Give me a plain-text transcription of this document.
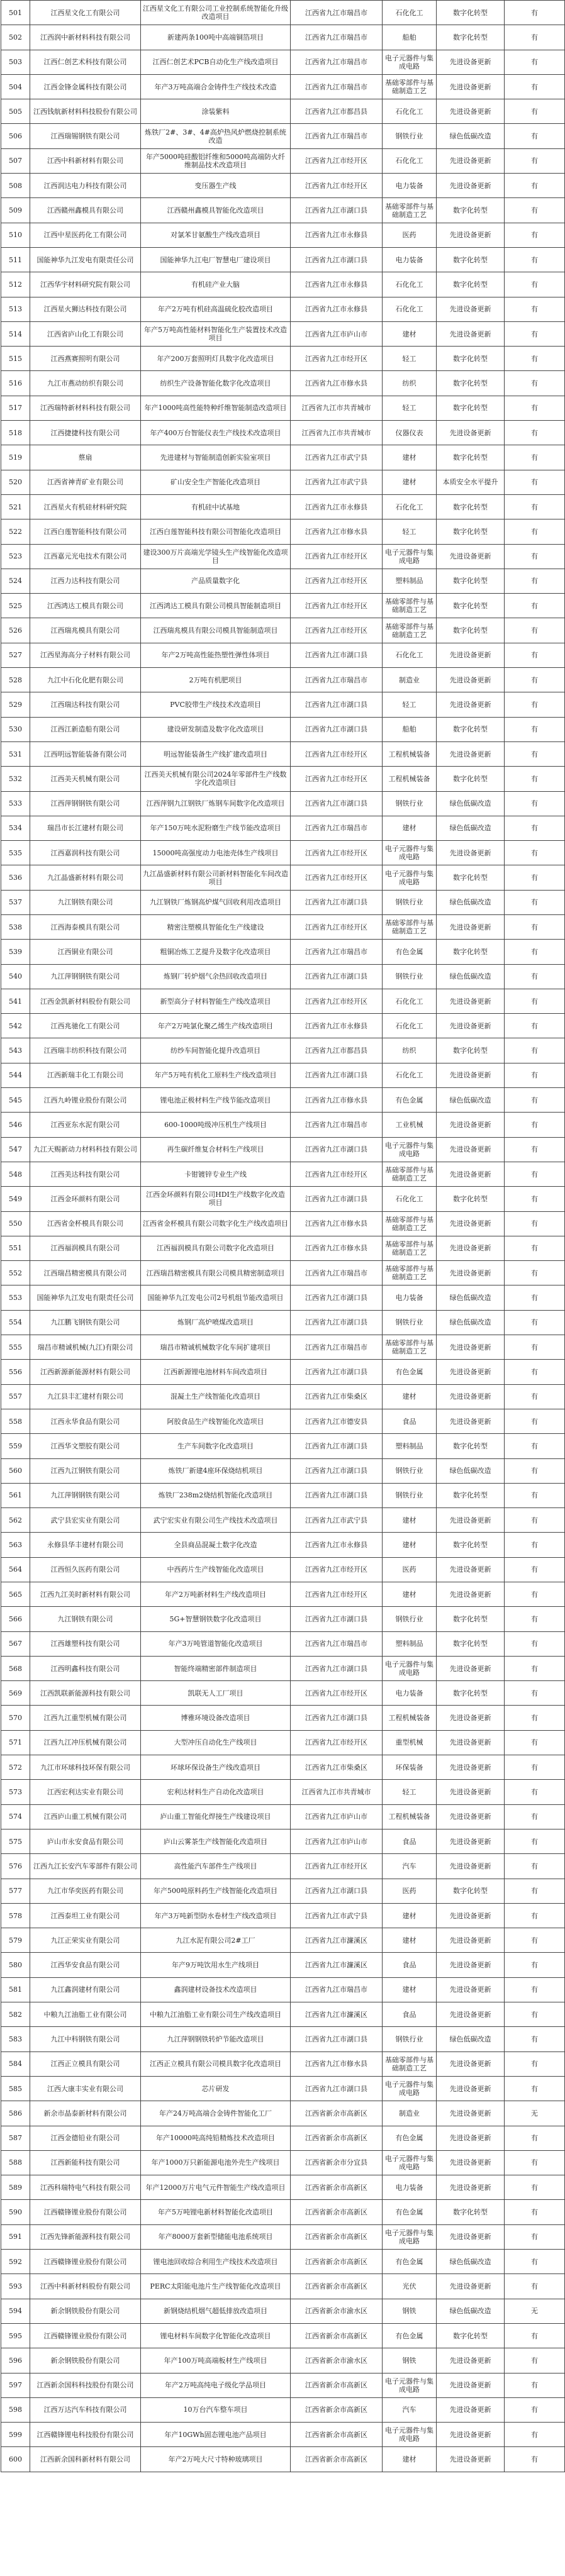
501	江西星文化工有限公司	江西星文化工有限公司工业控制系统智能化升级改造项目	江西省九江市瑞昌市	石化化工	数字化转型	有
502	江西润中新材料科技有限公司	新建两条100吨中高端铜箔项目	江西省九江市瑞昌市	船舶	数字化转型	有
503	江西仁创艺术科技有限公司	江西仁创艺术PCB自动化生产线改造项目	江西省九江市瑞昌市	电子元器件与集成电路	先进设备更新	有
504	江西金锋金属科技有限公司	年产3万吨高端合金铸件生产线技术改造	江西省九江市瑞昌市	基础零部件与基础制造工艺	先进设备更新	有
505	江西钱航新材料科技股份有限公司	涂装紫料	江西省九江市都昌县	石化化工	先进设备更新	有
506	江西瑞锡钢铁有限公司	炼铁厂2#、3#、4#高炉热风炉燃烧控制系统改造	江西省九江市瑞昌市	钢铁行业	绿色低碳改造	有
507	江西中科新材料有限公司	年产5000吨硅酸铝纤维和5000吨高端防火纤维制品技术改造项目	江西省九江市经开区	石化化工	先进设备更新	有
508	江西润达电力科技有限公司	变压器生产线	江西省九江市经开区	电力装备	先进设备更新	有
509	江西赣州鑫模具有限公司	江西赣州鑫模具智能化改造项目	江西省九江市湖口县	基础零部件与基础制造工艺	数字化转型	有
510	江西中星医药化工有限公司	对氯苯甘氨酸生产线改造项目	江西省九江市永修县	医药	先进设备更新	有
511	国能神华九江发电有限责任公司	国能神华九江电厂智慧电厂建设项目	江西省九江市湖口县	电力装备	数字化转型	有
512	江西华宇材料研究院有限公司	有机硅产业大脑	江西省九江市永修县	石化化工	数字化转型	有
513	江西星火狮达科技有限公司	年产2万吨有机硅高温硫化胶改造项目	江西省九江市永修县	石化化工	先进设备更新	有
514	江西省庐山化工有限公司	年产5万吨高性能材料智能化生产装置技术改造项目	江西省九江市庐山市	建材	先进设备更新	有
515	江西燕赛照明有限公司	年产200万套照明灯具数字化改造项目	江西省九江市经开区	轻工	数字化转型	有
516	九江市燕动纺织有限公司	纺织生产设备智能化数字化改造项目	江西省九江市修水县	纺织	数字化转型	有
517	江西瑞特新材料科技有限公司	年产1000吨高性能特种纤维智能制造改造项目	江西省九江市共青城市	轻工	数字化转型	有
518	江西捷捷科技有限公司	年产400万台智能仪表生产线技术改造项目	江西省九江市共青城市	仪器仪表	先进设备更新	有
519	蔡扇	先进建材与智能制造创新实验室项目	江西省九江市武宁县	建材	数字化转型	有
520	江西省神青矿业有限公司	矿山安全生产智能化改造项目	江西省九江市武宁县	建材	本质安全水平提升	有
521	江西星火有机硅材料研究院	有机硅中试基地	江西省九江市永修县	石化化工	数字化转型	有
522	江西白莲智能科技有限公司	江西白莲智能科技有限公司智能化改造项目	江西省九江市修水县	轻工	数字化转型	有
523	江西嘉元光电技术有限公司	建设300万片高端光学镜头生产线智能化改造项目	江西省九江市经开区	电子元器件与集成电路	先进设备更新	有
524	江西力达科技有限公司	产品质量数字化	江西省九江市经开区	塑料制品	数字化转型	有
525	江西鸿达工模具有限公司	江西鸿达工模具有限公司模具智能制造项目	江西省九江市经开区	基础零部件与基础制造工艺	数字化转型	有
526	江西瑞兆模具有限公司	江西瑞兆模具有限公司模具智能制造项目	江西省九江市经开区	基础零部件与基础制造工艺	数字化转型	有
527	江西星海高分子材料有限公司	年产2万吨高性能热塑性弹性体项目	江西省九江市湖口县	石化化工	先进设备更新	有
528	九江中石化化肥有限公司	2万吨有机肥项目	江西省九江市瑞昌市	制造业	先进设备更新	有
529	江西瑞达科技有限公司	PVC胶带生产线技术改造项目	江西省九江市湖口县	轻工	先进设备更新	有
530	江西江新造船有限公司	建设研发制造及数字化改造项目	江西省九江市湖口县	船舶	数字化转型	有
531	江西明远智能装备有限公司	明远智能装备生产线扩建改造项目	江西省九江市经开区	工程机械装备	先进设备更新	有
532	江西美天机械有限公司	江西美天机械有限公司2024年零部件生产线数字化改造项目	江西省九江市经开区	工程机械装备	数字化转型	有
533	江西萍钢钢铁有限公司	江西萍钢九江钢铁厂炼钢车间数字化改造项目	江西省九江市湖口县	钢铁行业	绿色低碳改造	有
534	瑞昌市长江建材有限公司	年产150万吨水泥粉磨生产线节能改造项目	江西省九江市瑞昌市	建材	绿色低碳改造	有
535	江西嘉润科技有限公司	15000吨高强度动力电池壳体生产线项目	江西省九江市经开区	电子元器件与集成电路	先进设备更新	有
536	九江晶盛新材料有限公司	九江晶盛新材料有限公司新材料智能化车间改造项目	江西省九江市经开区	电子元器件与集成电路	数字化转型	有
537	九江钢铁有限公司	九江钢铁厂炼钢高炉煤气回收利用改造项目	江西省九江市湖口县	钢铁行业	绿色低碳改造	有
538	江西海泰模具有限公司	精密注塑模具智能化生产线建设	江西省九江市经开区	基础零部件与基础制造工艺	先进设备更新	有
539	江西铜业有限公司	粗铜冶炼工艺提升及数字化改造项目	江西省九江市瑞昌市	有色金属	数字化转型	有
540	九江萍钢钢铁有限公司	炼钢厂转炉烟气余热回收改造项目	江西省九江市湖口县	钢铁行业	绿色低碳改造	有
541	江西金凯新材料股份有限公司	新型高分子材料智能生产线改造项目	江西省九江市经开区	石化化工	先进设备更新	有
542	江西兆驰化工有限公司	年产2万吨氯化聚乙烯生产线改造项目	江西省九江市永修县	石化化工	先进设备更新	有
543	江西瑞丰纺织科技有限公司	纺纱车间智能化提升改造项目	江西省九江市都昌县	纺织	数字化转型	有
544	江西新瑞丰化工有限公司	年产5万吨有机化工原料生产线改造项目	江西省九江市湖口县	石化化工	先进设备更新	有
545	江西九岭锂业股份有限公司	锂电池正极材料生产线节能改造项目	江西省九江市修水县	有色金属	绿色低碳改造	有
546	江西亚东水泥有限公司	600-1000吨级冲压机生产线项目	江西省九江市瑞昌市	工业机械	先进设备更新	有
547	九江天赐新动力材料科技有限公司	再生碳纤维复合材料生产线项目	江西省九江市湖口县	电子元器件与集成电路	先进设备更新	有
548	江西美达科技有限公司	卡钳镀锌专业生产线	江西省九江市经开区	基础零部件与基础制造工艺	先进设备更新	有
549	江西金环颜料有限公司	江西金环颜料有限公司HDI生产线数字化改造项目	江西省九江市湖口县	石化化工	数字化转型	有
550	江西省金杯模具有限公司	江西省金杯模具有限公司数字化生产线改造项目	江西省九江市修水县	基础零部件与基础制造工艺	先进设备更新	有
551	江西福润模具有限公司	江西福润模具有限公司数字化改造项目	江西省九江市修水县	基础零部件与基础制造工艺	先进设备更新	有
552	江西瑞昌精密模具有限公司	江西瑞昌精密模具有限公司模具精密制造项目	江西省九江市瑞昌市	基础零部件与基础制造工艺	先进设备更新	有
553	国能神华九江发电有限责任公司	国能神华九江发电公司2号机组节能改造项目	江西省九江市湖口县	电力装备	绿色低碳改造	有
554	九江鹏飞钢铁有限公司	炼钢厂高炉喷煤改造项目	江西省九江市湖口县	钢铁行业	绿色低碳改造	有
555	瑞昌市精诚机械(九江)有限公司	瑞昌市精诚机械数字化车间扩建项目	江西省九江市瑞昌市	基础零部件与基础制造工艺	先进设备更新	有
556	江西新源新能源材料有限公司	江西新源锂电池材料车间改造项目	江西省九江市湖口县	有色金属	先进设备更新	有
557	九江县丰汇建材有限公司	混凝土生产线智能化改造项目	江西省九江市柴桑区	建材	先进设备更新	有
558	江西永华食品有限公司	阿胶食品生产线智能化改造项目	江西省九江市德安县	食品	先进设备更新	有
559	江西华文塑胶有限公司	生产车间数字化改造项目	江西省九江市湖口县	塑料制品	数字化转型	有
560	江西九江钢铁有限公司	炼铁厂新建4座环保烧结机项目	江西省九江市湖口县	钢铁行业	绿色低碳改造	有
561	九江萍钢钢铁有限公司	炼铁厂238m2烧结机智能化改造项目	江西省九江市湖口县	钢铁行业	数字化转型	有
562	武宁县宏实业有限公司	武宁宏实业有限公司生产线技术改造项目	江西省九江市武宁县	建材	先进设备更新	有
563	永修县华丰建材有限公司	全县商品混凝土数字化改造	江西省九江市永修县	建材	数字化转型	有
564	江西恒久医药有限公司	中西药片生产线智能化改造项目	江西省九江市经开区	医药	先进设备更新	有
565	江西九江美时新材料有限公司	年产2万吨新材料生产线改造项目	江西省九江市经开区	建材	先进设备更新	有
566	九江钢铁有限公司	5G+智慧钢铁数字化改造项目	江西省九江市湖口县	钢铁行业	数字化转型	有
567	江西雄塑科技有限公司	年产3万吨管道智能化改造项目	江西省九江市瑞昌市	塑料制品	数字化转型	有
568	江西明鑫科技有限公司	智能终端精密部件制造项目	江西省九江市湖口县	电子元器件与集成电路	先进设备更新	有
569	江西凯联新能源科技有限公司	凯联无人工厂项目	江西省九江市经开区	电力装备	数字化转型	有
570	江西九江重型机械有限公司	博雅环境设备改造项目	江西省九江市湖口县	工程机械装备	先进设备更新	有
571	江西九江冲压机械有限公司	大型冲压自动化生产线项目	江西省九江市经开区	重型机械	先进设备更新	有
572	九江市环球科技环保有限公司	环球环保设备生产线改造项目	江西省九江市柴桑区	环保装备	先进设备更新	有
573	江西宏利达实业有限公司	宏利达材料生产自动化改造项目	江西省九江市共青城市	轻工	先进设备更新	有
574	江西庐山重工机械有限公司	庐山重工智能化焊接生产线建设项目	江西省九江市庐山市	工程机械装备	先进设备更新	有
575	庐山市永安食品有限公司	庐山云雾茶生产线智能化改造项目	江西省九江市庐山市	食品	先进设备更新	有
576	江西九江长安汽车零部件有限公司	高性能汽车部件生产线项目	江西省九江市经开区	汽车	先进设备更新	有
577	九江市华奕医药有限公司	年产500吨原料药生产线智能化改造项目	江西省九江市湖口县	医药	数字化转型	有
578	江西泰坦工业有限公司	年产3万吨新型防水卷材生产线改造项目	江西省九江市武宁县	建材	先进设备更新	有
579	九江正荣实业有限公司	九江水泥有限公司2#工厂	江西省九江市濂溪区	建材	先进设备更新	有
580	江西华安食品有限公司	年产9万吨饮用水生产线项目	江西省九江市濂溪区	食品	先进设备更新	有
581	九江鑫润建材有限公司	鑫润建材设备技术改造项目	江西省九江市瑞昌市	建材	先进设备更新	有
582	中粮九江油脂工业有限公司	中粮九江油脂工业有限公司生产线改造项目	江西省九江市濂溪区	食品	先进设备更新	有
583	九江中科钢铁有限公司	九江萍钢钢铁转炉节能改造项目	江西省九江市湖口县	钢铁行业	绿色低碳改造	有
584	江西正立模具有限公司	江西正立模具有限公司模具数字化改造项目	江西省九江市修水县	基础零部件与基础制造工艺	先进设备更新	有
585	江西大康丰实业有限公司	芯片研发	江西省九江市湖口县	电子元器件与集成电路	先进设备更新	有
586	新余市晶泰新材料有限公司	年产24万吨高端合金铸件智能化工厂	江西省新余市高新区	制造业	先进设备更新	无
587	江西金德铅业有限公司	年产10000吨高纯铅精炼技术改造项目	江西省新余市高新区	有色金属	先进设备更新	有
588	江西新能科技有限公司	年产1000万只新能源电池外壳生产线项目	江西省新余市分宜县	电子元器件与集成电路	先进设备更新	有
589	江西科瑞特电气科技有限公司	年产12000万片电气元件智能生产线改造项目	江西省新余市高新区	电力装备	先进设备更新	有
590	江西赣锋锂业股份有限公司	年产5万吨锂电新材料智能化改造项目	江西省新余市高新区	有色金属	数字化转型	有
591	江西先锋新能源科技有限公司	年产8000万套新型储能电池系统项目	江西省新余市高新区	电子元器件与集成电路	先进设备更新	有
592	江西赣锋锂业股份有限公司	锂电池回收综合利用生产线技术改造项目	江西省新余市高新区	有色金属	绿色低碳改造	有
593	江西中科新材料股份有限公司	PERC太阳能电池片生产线智能化改造项目	江西省新余市高新区	光伏	先进设备更新	有
594	新余钢铁股份有限公司	新钢烧结机烟气超低排放改造项目	江西省新余市渝水区	钢铁	绿色低碳改造	无
595	江西赣锋锂业股份有限公司	锂电材料车间数字化智能化改造项目	江西省新余市高新区	有色金属	数字化转型	有
596	新余钢铁股份有限公司	年产100万吨高端板材生产线项目	江西省新余市渝水区	钢铁	先进设备更新	有
597	江西新余国科科技股份有限公司	年产2万吨高纯电子级化学品项目	江西省新余市高新区	电子元器件与集成电路	先进设备更新	有
598	江西万达汽车科技有限公司	10万台汽车整车项目	江西省新余市高新区	汽车	先进设备更新	有
599	江西赣锋锂电科技股份有限公司	年产10GWh固态锂电池产品项目	江西省新余市高新区	电子元器件与集成电路	先进设备更新	有
600	江西新余国科新材料有限公司	年产2万吨大尺寸特种玻璃项目	江西省新余市高新区	建材	先进设备更新	有
